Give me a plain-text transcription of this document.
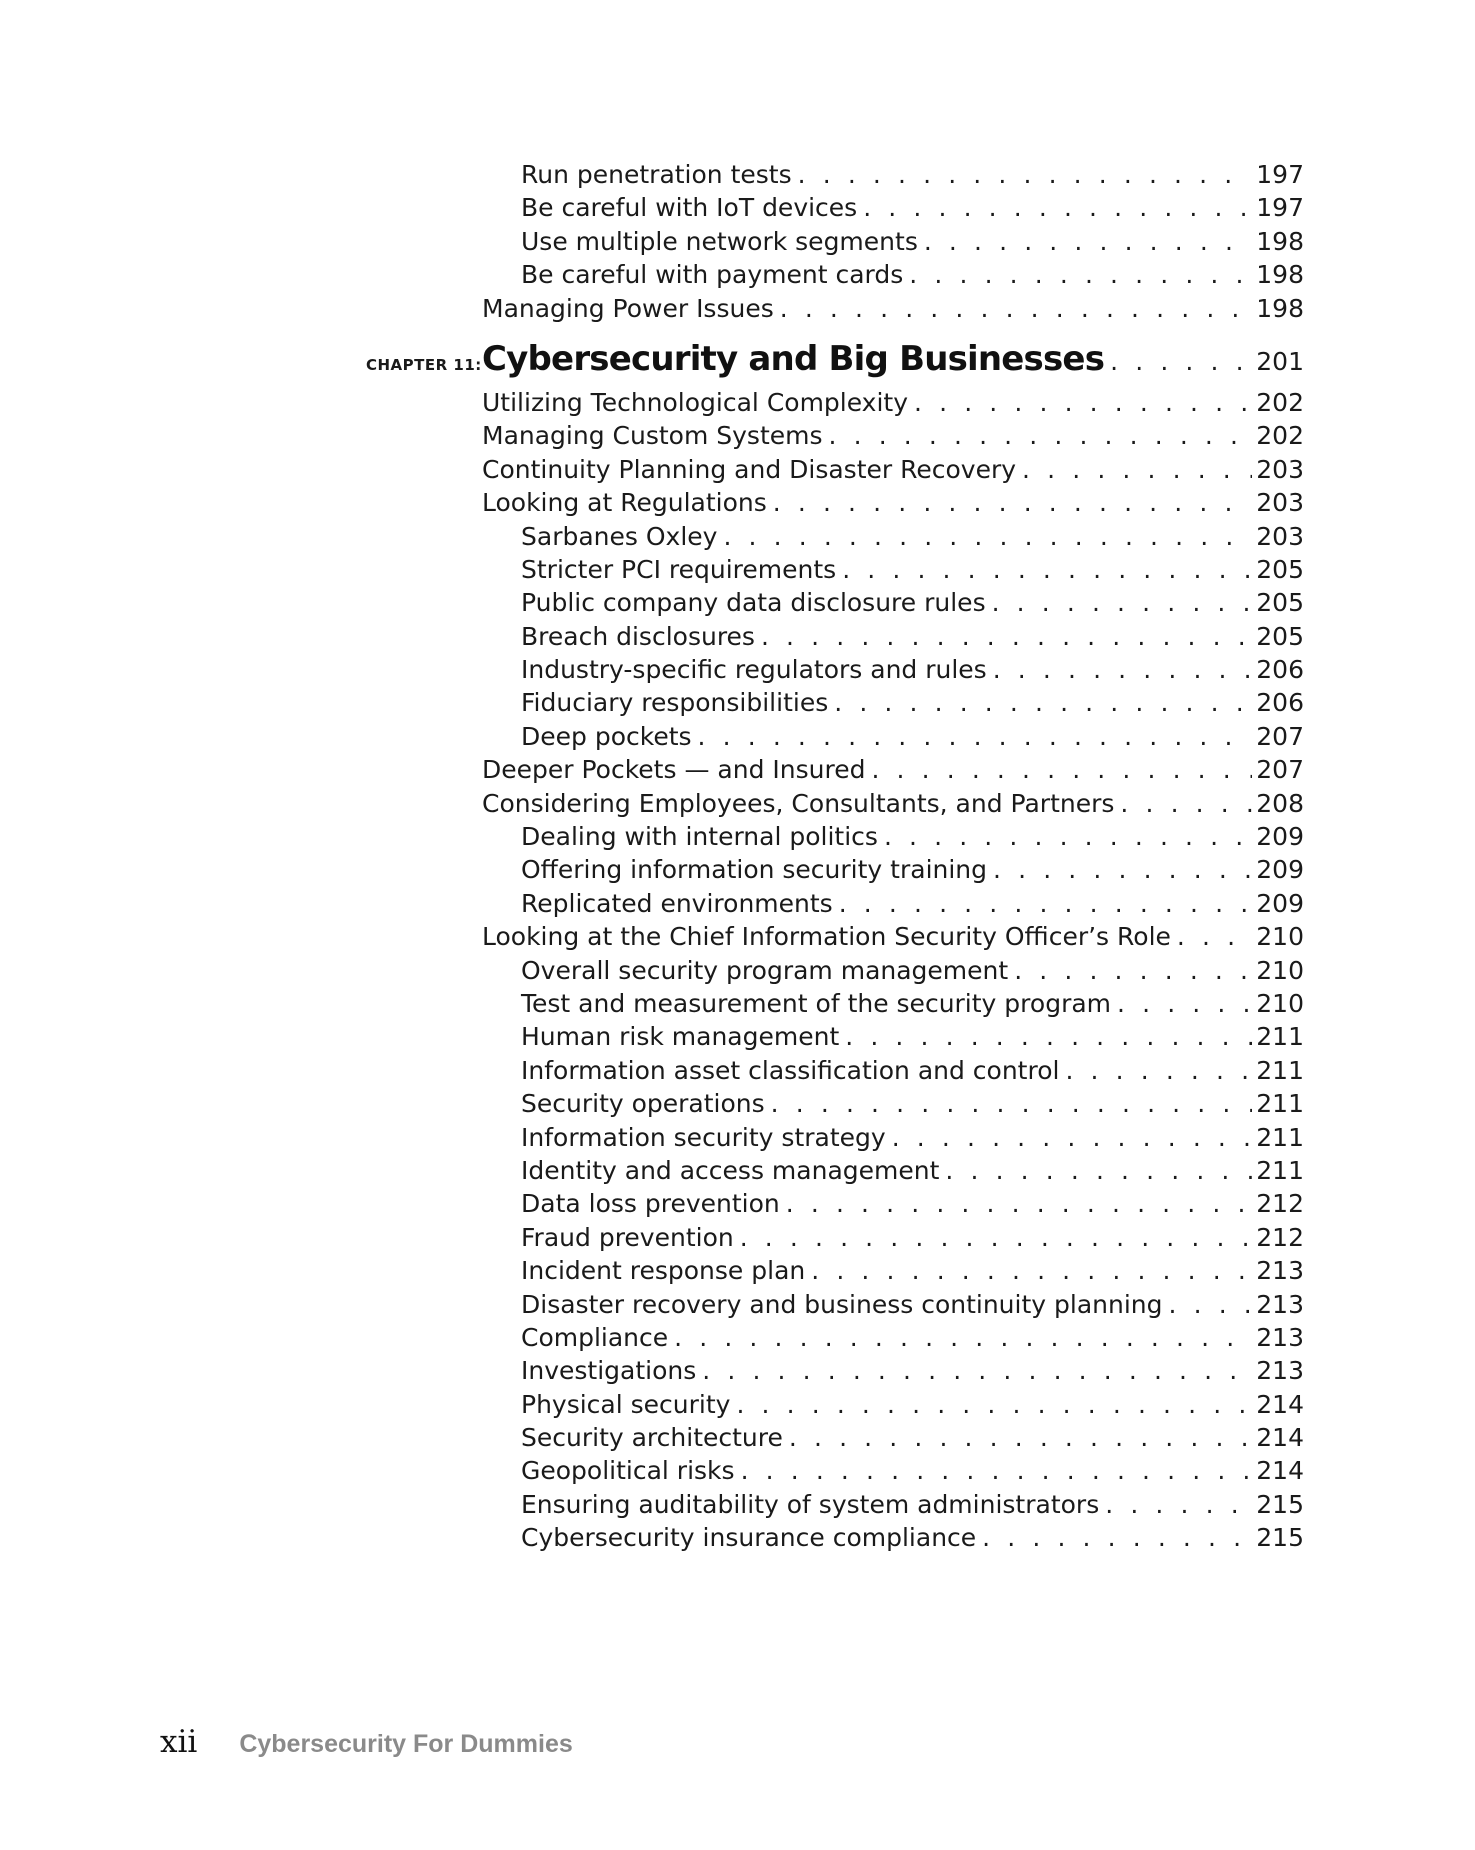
Run penetration tests . . .	197
Be careful with IoT devices . . .	197
Use multiple network segments . . .	198
Be careful with payment cards . . .	198
Managing Power Issues . . .	198
CHAPTER 11: Cybersecurity and Big Businesses . . .	201
Utilizing Technological Complexity . . .	202
Managing Custom Systems . . .	202
Continuity Planning and Disaster Recovery . . .	203
Looking at Regulations . . .	203
Sarbanes Oxley . . .	203
Stricter PCI requirements . . .	205
Public company data disclosure rules . . .	205
Breach disclosures . . .	205
Industry-specific regulators and rules . . .	206
Fiduciary responsibilities . . .	206
Deep pockets . . .	207
Deeper Pockets — and Insured . . .	207
Considering Employees, Consultants, and Partners . . .	208
Dealing with internal politics . . .	209
Offering information security training . . .	209
Replicated environments . . .	209
Looking at the Chief Information Security Officer’s Role . . .	210
Overall security program management . . .	210
Test and measurement of the security program . . .	210
Human risk management . . .	211
Information asset classification and control . . .	211
Security operations . . .	211
Information security strategy . . .	211
Identity and access management . . .	211
Data loss prevention . . .	212
Fraud prevention . . .	212
Incident response plan . . .	213
Disaster recovery and business continuity planning . . .	213
Compliance . . .	213
Investigations . . .	213
Physical security . . .	214
Security architecture . . .	214
Geopolitical risks . . .	214
Ensuring auditability of system administrators . . .	215
Cybersecurity insurance compliance . . .	215
xii Cybersecurity For Dummies
